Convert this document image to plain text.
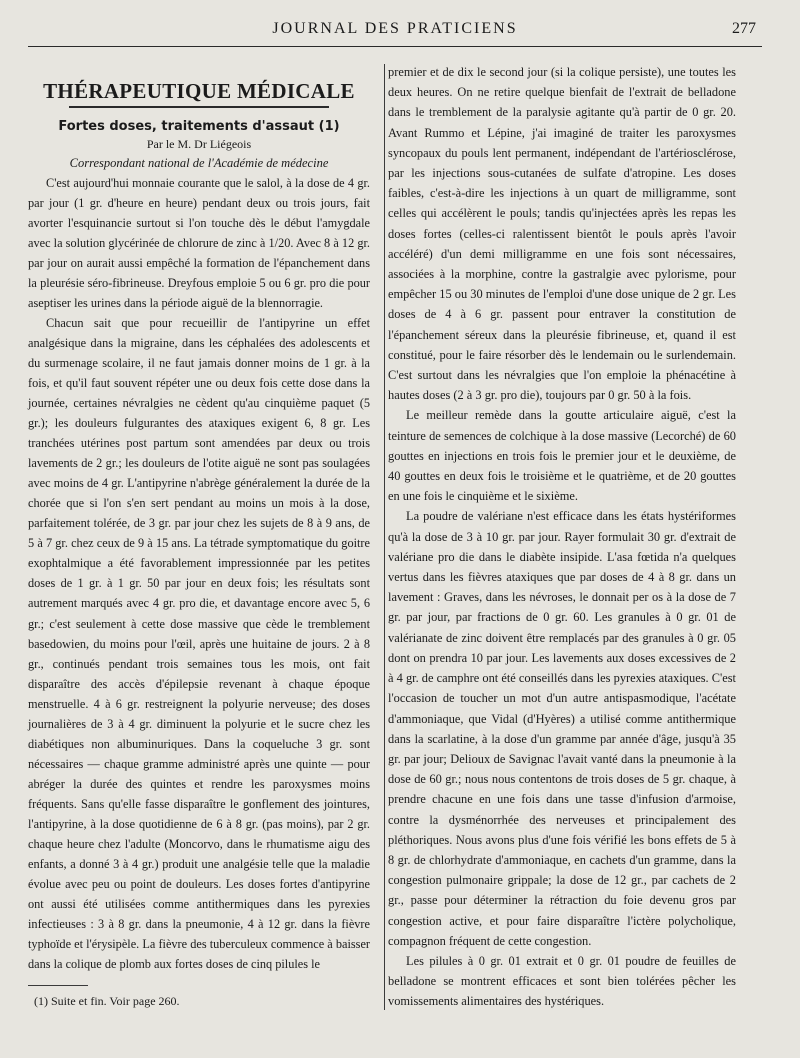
JOURNAL DES PRATICIENS	277
THÉRAPEUTIQUE MÉDICALE
Fortes doses, traitements d'assaut (1)
Par le M. Dr Liégeois
Correspondant national de l'Académie de médecine

C'est aujourd'hui monnaie courante que le salol, à la dose de 4 gr. par jour (1 gr. d'heure en heure) pendant deux ou trois jours, fait avorter l'esquinancie surtout si l'on touche dès le début l'amygdale avec la solution glycérinée de chlorure de zinc à 1/20. Avec 8 à 12 gr. par jour on aurait aussi empêché la formation de l'épanchement dans la pleurésie séro-fibrineuse. Dreyfous emploie 5 ou 6 gr. pro die pour aseptiser les urines dans la période aiguë de la blennorragie.

Chacun sait que pour recueillir de l'antipyrine un effet analgésique dans la migraine, dans les céphalées des adolescents et du surmenage scolaire, il ne faut jamais donner moins de 1 gr. à la fois, et qu'il faut souvent répéter une ou deux fois cette dose dans la journée, certaines névralgies ne cèdent qu'au cinquième paquet (5 gr.); les douleurs fulgurantes des ataxiques exigent 6, 8 gr. Les tranchées utérines post partum sont amendées par deux ou trois lavements de 2 gr.; les douleurs de l'otite aiguë ne sont pas soulagées avec moins de 4 gr. L'antipyrine n'abrège généralement la durée de la chorée que si l'on s'en sert pendant au moins un mois à la dose, parfaitement tolérée, de 3 gr. par jour chez les sujets de 8 à 9 ans, de 5 à 7 gr. chez ceux de 9 à 15 ans. La tétrade symptomatique du goitre exophtalmique a été favorablement impressionnée par les petites doses de 1 gr. à 1 gr. 50 par jour en deux fois; les résultats sont autrement marqués avec 4 gr. pro die, et davantage encore avec 5, 6 gr.; c'est seulement à cette dose massive que cède le tremblement basedowien, du moins pour l'œil, après une huitaine de jours. 2 à 8 gr., continués pendant trois semaines tous les mois, ont fait disparaître des accès d'épilepsie revenant à chaque époque menstruelle. 4 à 6 gr. restreignent la polyurie nerveuse; des doses journalières de 3 à 4 gr. diminuent la polyurie et le sucre chez les diabétiques non albuminuriques. Dans la coqueluche 3 gr. sont nécessaires — chaque gramme administré après une quinte — pour abréger la durée des quintes et rendre les paroxysmes moins fréquents. Sans qu'elle fasse disparaître le gonflement des jointures, l'antipyrine, à la dose quotidienne de 6 à 8 gr. (pas moins), par 2 gr. chaque heure chez l'adulte (Moncorvo, dans le rhumatisme aigu des enfants, a donné 3 à 4 gr.) produit une analgésie telle que la maladie évolue avec peu ou point de douleurs. Les doses fortes d'antipyrine ont aussi été utilisées comme antithermiques dans les pyrexies infectieuses : 3 à 8 gr. dans la pneumonie, 4 à 12 gr. dans la fièvre typhoïde et l'érysipèle. La fièvre des tuberculeux commence à baisser dans la colique de plomb aux fortes doses de cinq pilules le

premier et de dix le second jour (si la colique persiste), une toutes les deux heures. On ne retire quelque bienfait de l'extrait de belladone dans le tremblement de la paralysie agitante qu'à partir de 0 gr. 20. Avant Rummo et Lépine, j'ai imaginé de traiter les paroxysmes syncopaux du pouls lent permanent, indépendant de l'artériosclérose, par les injections sous-cutanées de sulfate d'atropine. Les doses faibles, c'est-à-dire les injections à un quart de milligramme, sont celles qui accélèrent le pouls; tandis qu'injectées après les repas les doses fortes (celles-ci ralentissent bientôt le pouls après l'avoir accéléré) d'un demi milligramme en une fois sont nécessaires, associées à la morphine, contre la gastralgie avec pylorisme, pour empêcher 15 ou 30 minutes de l'emploi d'une dose unique de 2 gr. Les doses de 4 à 6 gr. passent pour entraver la constitution de l'épanchement séreux dans la pleurésie fibrineuse, et, quand il est constitué, pour le faire résorber dès le lendemain ou le surlendemain. C'est surtout dans les névralgies que l'on emploie la phénacétine à hautes doses (2 à 3 gr. pro die), toujours par 0 gr. 50 à la fois.

Le meilleur remède dans la goutte articulaire aiguë, c'est la teinture de semences de colchique à la dose massive (Lecorché) de 60 gouttes en injections en trois fois le premier jour et le deuxième, de 40 gouttes en deux fois le troisième et le quatrième, et de 20 gouttes en une fois le cinquième et le sixième.

La poudre de valériane n'est efficace dans les états hystériformes qu'à la dose de 3 à 10 gr. par jour. Rayer formulait 30 gr. d'extrait de valériane pro die dans le diabète insipide. L'asa fœtida n'a quelques vertus dans les fièvres ataxiques que par doses de 4 à 8 gr. dans un lavement : Graves, dans les névroses, le donnait per os à la dose de 7 gr. par jour, par fractions de 0 gr. 60. Les granules à 0 gr. 01 de valérianate de zinc doivent être remplacés par des granules à 0 gr. 05 dont on prendra 10 par jour. Les lavements aux doses excessives de 2 à 4 gr. de camphre ont été conseillés dans les pyrexies ataxiques. C'est l'occasion de toucher un mot d'un autre antispasmodique, l'acétate d'ammoniaque, que Vidal (d'Hyères) a utilisé comme antithermique dans la scarlatine, à la dose d'un gramme par année d'âge, jusqu'à 35 gr. par jour; Delioux de Savignac l'avait vanté dans la pneumonie à la dose de 60 gr.; nous nous contentons de trois doses de 5 gr. chaque, à prendre chacune en une fois dans une tasse d'infusion d'armoise, contre la dysménorrhée des nerveuses et principalement des pléthoriques. Nous avons plus d'une fois vérifié les bons effets de 5 à 8 gr. de chlorhydrate d'ammoniaque, en cachets d'un gramme, dans la congestion pulmonaire grippale; la dose de 12 gr., par cachets de 2 gr., passe pour déterminer la rétraction du foie devenu gros par congestion active, et pour faire disparaître l'ictère polycholique, compagnon fréquent de cette congestion.

Les pilules à 0 gr. 01 extrait et 0 gr. 01 poudre de feuilles de belladone se montrent efficaces et sont bien tolérées pêcher les vomissements alimentaires des hystériques.

(1) Suite et fin. Voir page 260.
